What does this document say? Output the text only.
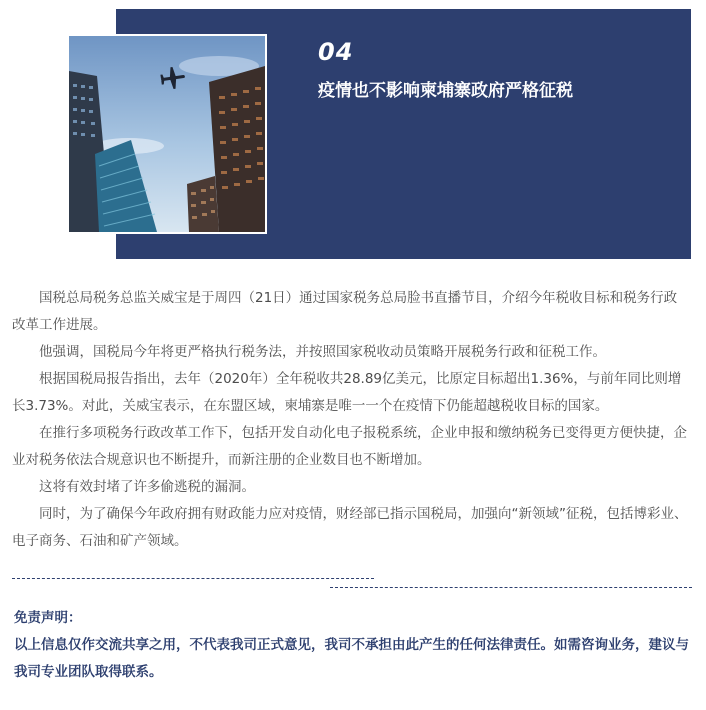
04
疫情也不影响柬埔寨政府严格征税

国税总局税务总监关威宝是于周四（21日）通过国家税务总局脸书直播节目，介绍今年税收目标和税务行政改革工作进展。

他强调，国税局今年将更严格执行税务法，并按照国家税收动员策略开展税务行政和征税工作。

根据国税局报告指出，去年（2020年）全年税收共28.89亿美元，比原定目标超出1.36%，与前年同比则增长3.73%。对此，关威宝表示，在东盟区域，柬埔寨是唯一一个在疫情下仍能超越税收目标的国家。

在推行多项税务行政改革工作下，包括开发自动化电子报税系统，企业申报和缴纳税务已变得更方便快捷，企业对税务依法合规意识也不断提升，而新注册的企业数目也不断增加。

这将有效封堵了许多偷逃税的漏洞。

同时，为了确保今年政府拥有财政能力应对疫情，财经部已指示国税局，加强向“新领域”征税，包括博彩业、电子商务、石油和矿产领域。

免责声明：
以上信息仅作交流共享之用，不代表我司正式意见，我司不承担由此产生的任何法律责任。如需咨询业务，建议与我司专业团队取得联系。
